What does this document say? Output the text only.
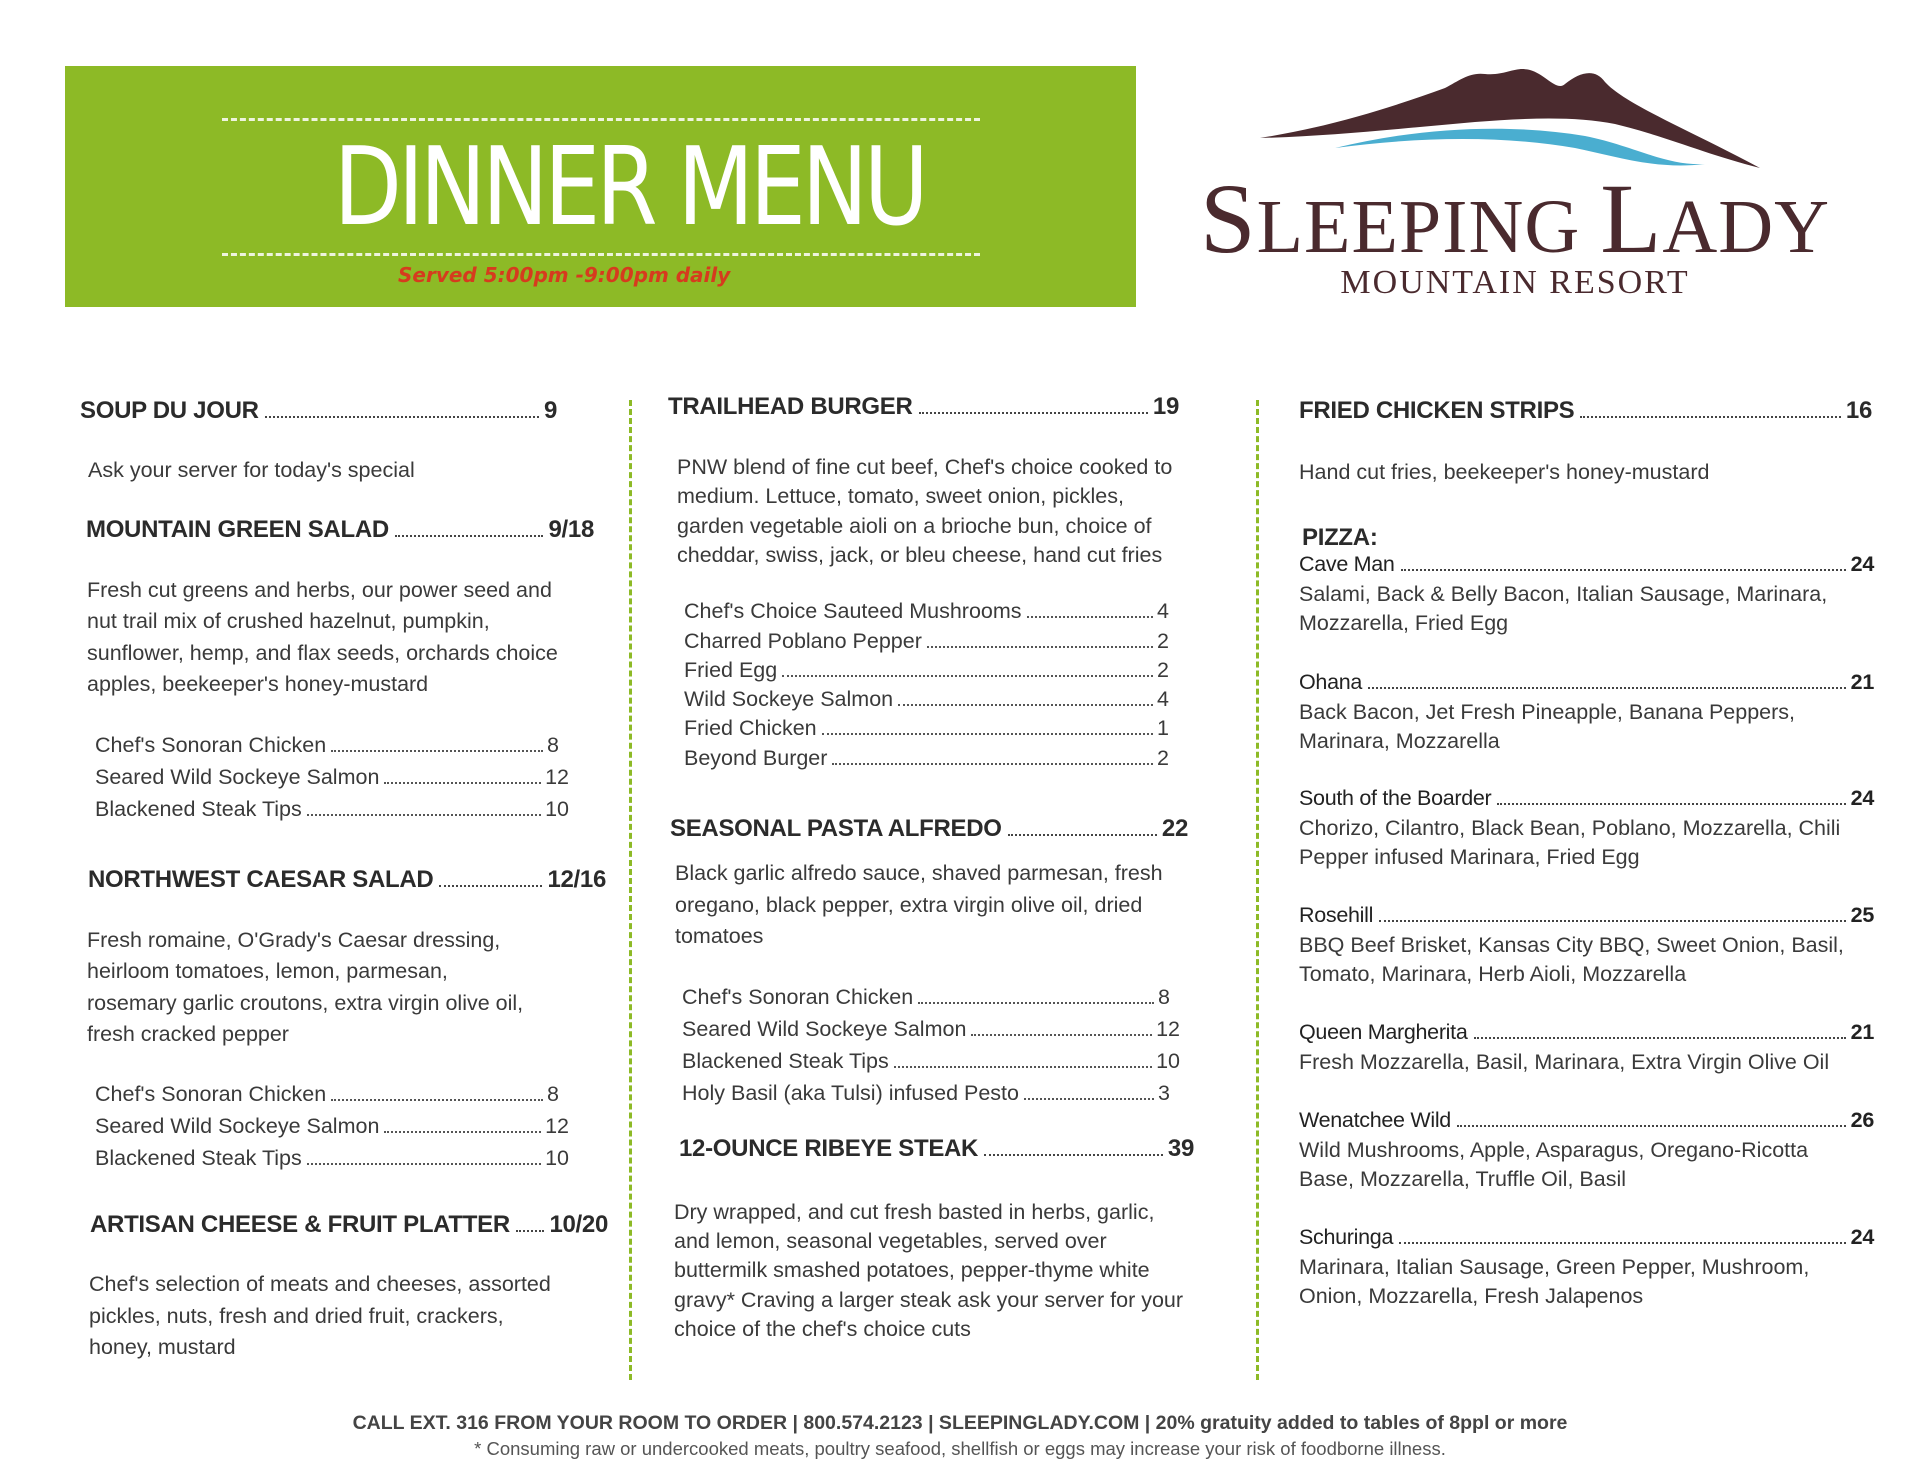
DINNER MENU
Served 5:00pm -9:00pm daily
SLEEPING LADY
MOUNTAIN RESORT
SOUP DU JOUR	9

Ask your server for today's special

MOUNTAIN GREEN SALAD	9/18

Fresh cut greens and herbs, our power seed and

nut trail mix of crushed hazelnut, pumpkin,

sunflower, hemp, and flax seeds, orchards choice

apples, beekeeper's honey-mustard

Chef's Sonoran Chicken	8
Seared Wild Sockeye Salmon	12
Blackened Steak Tips	10
NORTHWEST CAESAR SALAD	12/16

Fresh romaine, O'Grady's Caesar dressing,

heirloom tomatoes, lemon, parmesan,

rosemary garlic croutons, extra virgin olive oil,

fresh cracked pepper

Chef's Sonoran Chicken	8
Seared Wild Sockeye Salmon	12
Blackened Steak Tips	10
ARTISAN CHEESE & FRUIT PLATTER 10/20

Chef's selection of meats and cheeses, assorted

pickles, nuts, fresh and dried fruit, crackers,

honey, mustard

TRAILHEAD BURGER	19

PNW blend of fine cut beef, Chef's choice cooked to

medium. Lettuce, tomato, sweet onion, pickles,

garden vegetable aioli on a brioche bun, choice of

cheddar, swiss, jack, or bleu cheese, hand cut fries

Chef's Choice Sauteed Mushrooms	4
Charred Poblano Pepper	2
Fried Egg	2
Wild Sockeye Salmon	4
Fried Chicken	1
Beyond Burger	2
SEASONAL PASTA ALFREDO	22

Black garlic alfredo sauce, shaved parmesan, fresh

oregano, black pepper, extra virgin olive oil, dried

tomatoes

Chef's Sonoran Chicken	8
Seared Wild Sockeye Salmon	12
Blackened Steak Tips	10
Holy Basil (aka Tulsi) infused Pesto	3
12-OUNCE RIBEYE STEAK	39

Dry wrapped, and cut fresh basted in herbs, garlic,

and lemon, seasonal vegetables, served over

buttermilk smashed potatoes, pepper-thyme white

gravy* Craving a larger steak ask your server for your

choice of the chef's choice cuts

FRIED CHICKEN STRIPS	16

Hand cut fries, beekeeper's honey-mustard

PIZZA:

Cave Man	24

Salami, Back & Belly Bacon, Italian Sausage, Marinara,

Mozzarella, Fried Egg

Ohana	21

Back Bacon, Jet Fresh Pineapple, Banana Peppers,

Marinara, Mozzarella

South of the Boarder	24

Chorizo, Cilantro, Black Bean, Poblano, Mozzarella, Chili

Pepper infused Marinara, Fried Egg

Rosehill	25

BBQ Beef Brisket, Kansas City BBQ, Sweet Onion, Basil,

Tomato, Marinara, Herb Aioli, Mozzarella

Queen Margherita	21

Fresh Mozzarella, Basil, Marinara, Extra Virgin Olive Oil

Wenatchee Wild	26

Wild Mushrooms, Apple, Asparagus, Oregano-Ricotta

Base, Mozzarella, Truffle Oil, Basil

Schuringa	24

Marinara, Italian Sausage, Green Pepper, Mushroom,

Onion, Mozzarella, Fresh Jalapenos

CALL EXT. 316 FROM YOUR ROOM TO ORDER | 800.574.2123 | SLEEPINGLADY.COM | 20% gratuity added to tables of 8ppl or more
* Consuming raw or undercooked meats, poultry seafood, shellfish or eggs may increase your risk of foodborne illness.
